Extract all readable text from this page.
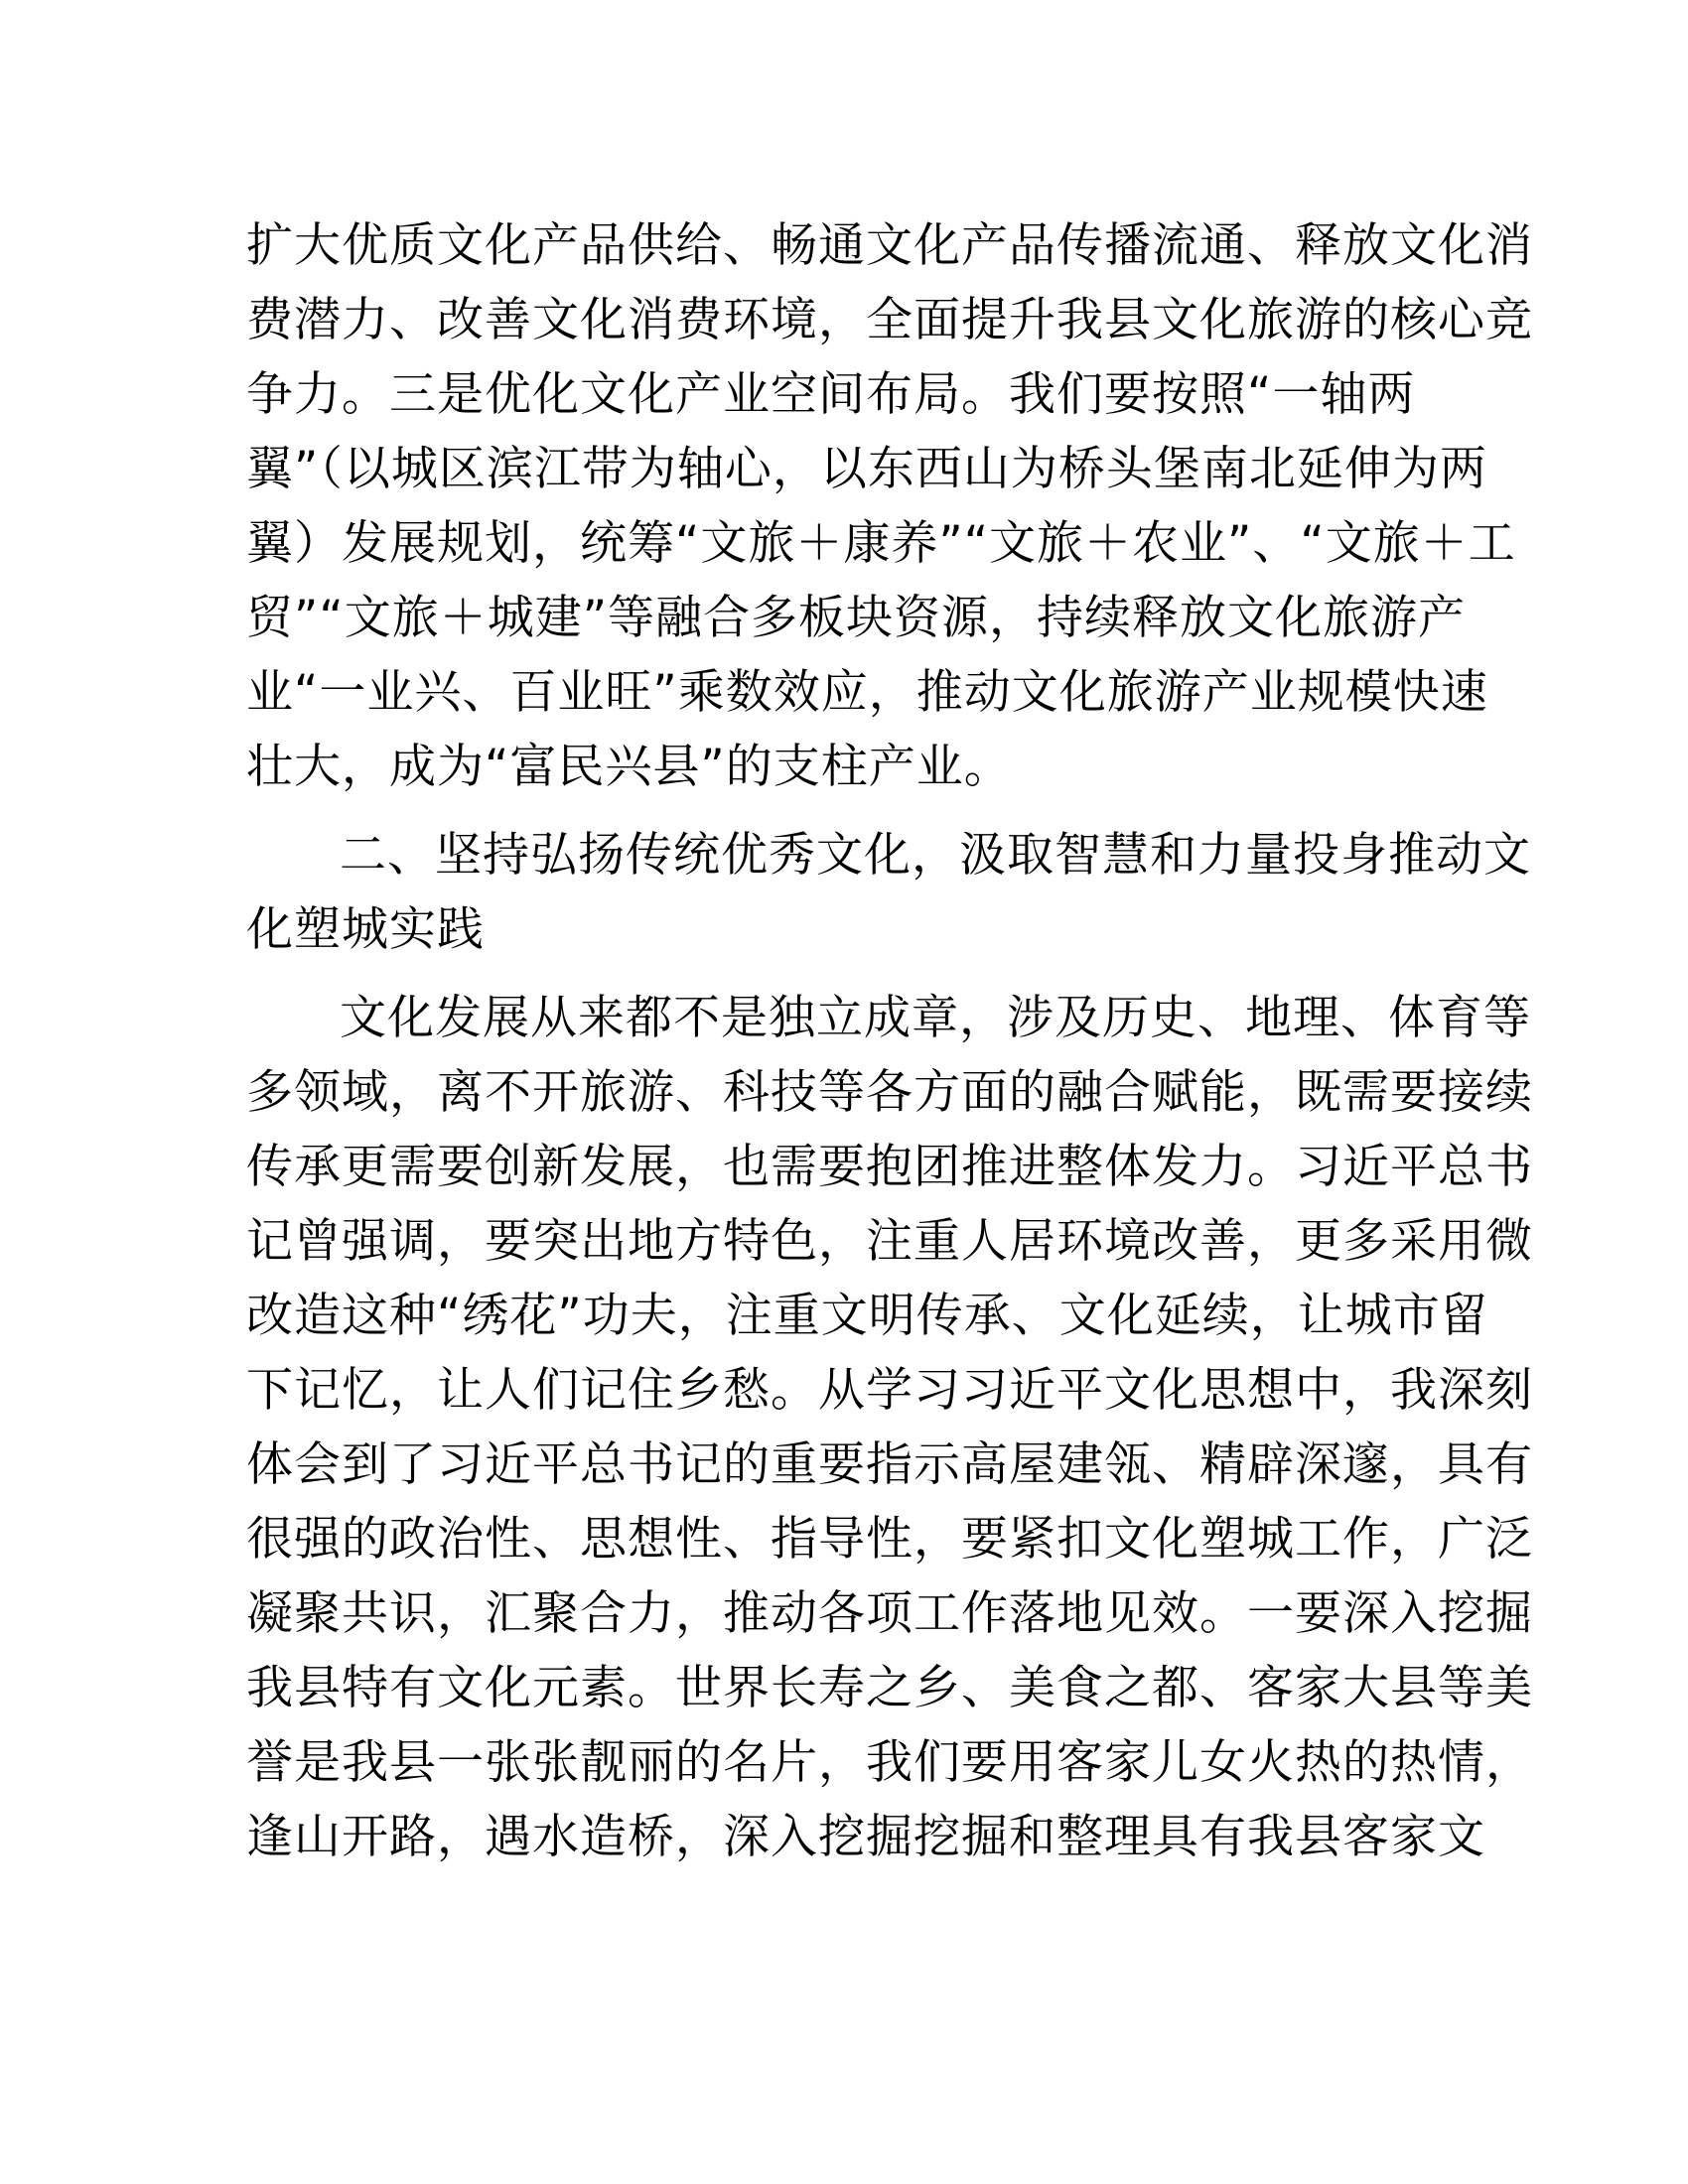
扩大优质文化产品供给、畅通文化产品传播流通、释放文化消
费潜力、改善文化消费环境，全面提升我县文化旅游的核心竞
争力。三是优化文化产业空间布局。我们要按照“一轴两
翼”（以城区滨江带为轴心，以东西山为桥头堡南北延伸为两
翼）发展规划，统筹“文旅＋康养”“文旅＋农业”、“文旅＋工
贸”“文旅＋城建”等融合多板块资源，持续释放文化旅游产
业“一业兴、百业旺”乘数效应，推动文化旅游产业规模快速
壮大，成为“富民兴县”的支柱产业。
二、坚持弘扬传统优秀文化，汲取智慧和力量投身推动文
化塑城实践
文化发展从来都不是独立成章，涉及历史、地理、体育等
多领域，离不开旅游、科技等各方面的融合赋能，既需要接续
传承更需要创新发展，也需要抱团推进整体发力。习近平总书
记曾强调，要突出地方特色，注重人居环境改善，更多采用微
改造这种“绣花”功夫，注重文明传承、文化延续，让城市留
下记忆，让人们记住乡愁。从学习习近平文化思想中，我深刻
体会到了习近平总书记的重要指示高屋建瓴、精辟深邃，具有
很强的政治性、思想性、指导性，要紧扣文化塑城工作，广泛
凝聚共识，汇聚合力，推动各项工作落地见效。一要深入挖掘
我县特有文化元素。世界长寿之乡、美食之都、客家大县等美
誉是我县一张张靓丽的名片，我们要用客家儿女火热的热情，
逢山开路，遇水造桥，深入挖掘挖掘和整理具有我县客家文
